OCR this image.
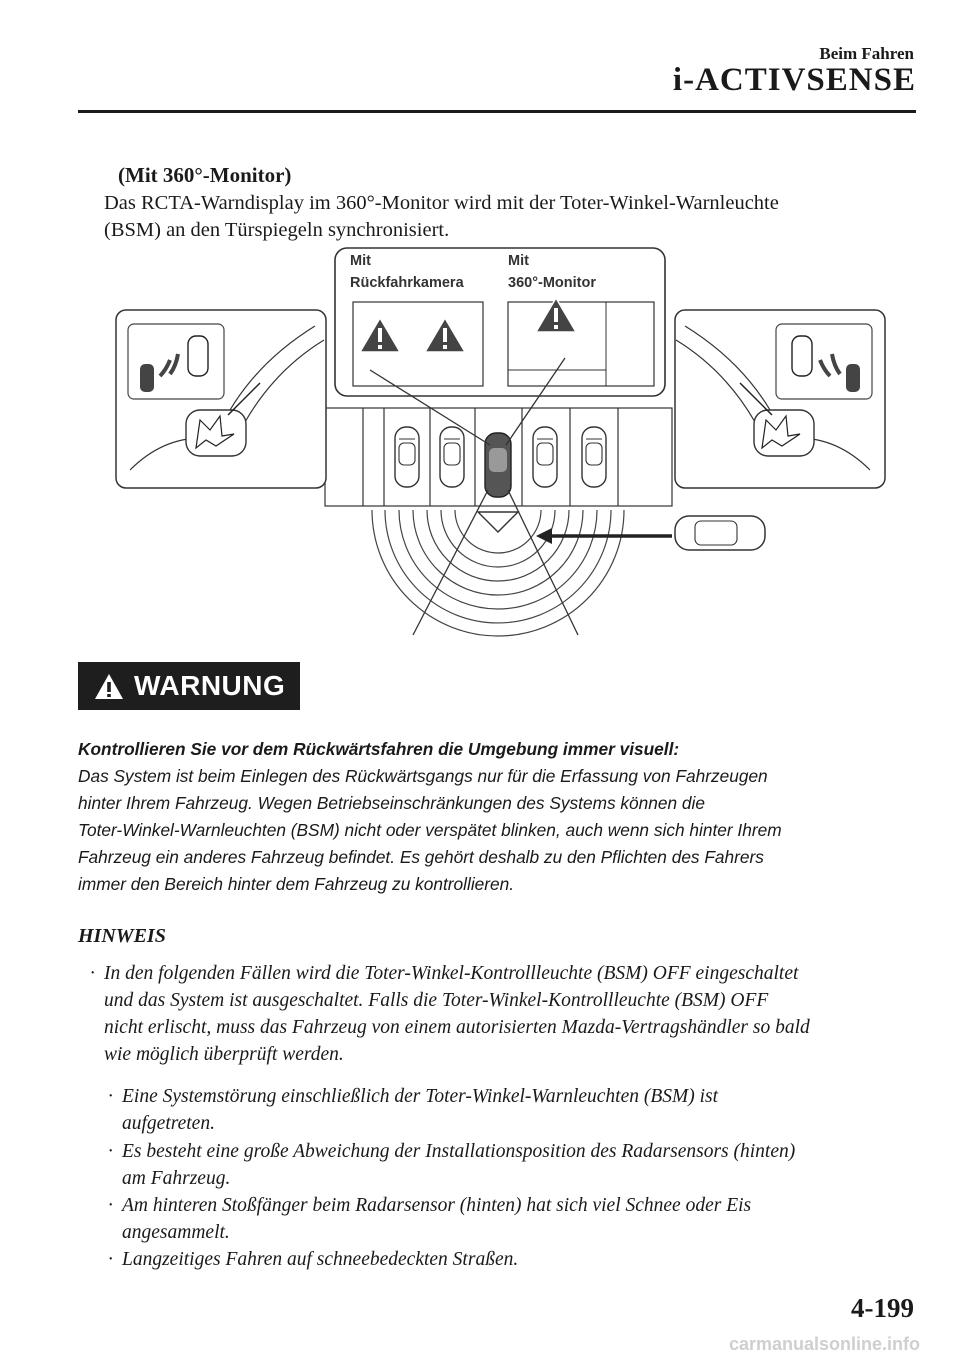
Beim Fahren
i-ACTIVSENSE
(Mit 360°-Monitor)
Das RCTA-Warndisplay im 360°-Monitor wird mit der Toter-Winkel-Warnleuchte
(BSM) an den Türspiegeln synchronisiert.
Mit
Rückfahrkamera
Mit
360°-Monitor
WARNUNG
Kontrollieren Sie vor dem Rückwärtsfahren die Umgebung immer visuell:
Das System ist beim Einlegen des Rückwärtsgangs nur für die Erfassung von Fahrzeugen
hinter Ihrem Fahrzeug. Wegen Betriebseinschränkungen des Systems können die
Toter-Winkel-Warnleuchten (BSM) nicht oder verspätet blinken, auch wenn sich hinter Ihrem
Fahrzeug ein anderes Fahrzeug befindet. Es gehört deshalb zu den Pflichten des Fahrers
immer den Bereich hinter dem Fahrzeug zu kontrollieren.
HINWEIS
· In den folgenden Fällen wird die Toter-Winkel-Kontrollleuchte (BSM) OFF eingeschaltet
und das System ist ausgeschaltet. Falls die Toter-Winkel-Kontrollleuchte (BSM) OFF
nicht erlischt, muss das Fahrzeug von einem autorisierten Mazda-Vertragshändler so bald
wie möglich überprüft werden.
· Eine Systemstörung einschließlich der Toter-Winkel-Warnleuchten (BSM) ist
aufgetreten.
· Es besteht eine große Abweichung der Installationsposition des Radarsensors (hinten)
am Fahrzeug.
· Am hinteren Stoßfänger beim Radarsensor (hinten) hat sich viel Schnee oder Eis
angesammelt.
· Langzeitiges Fahren auf schneebedeckten Straßen.
4-199
carmanualsonline.info
